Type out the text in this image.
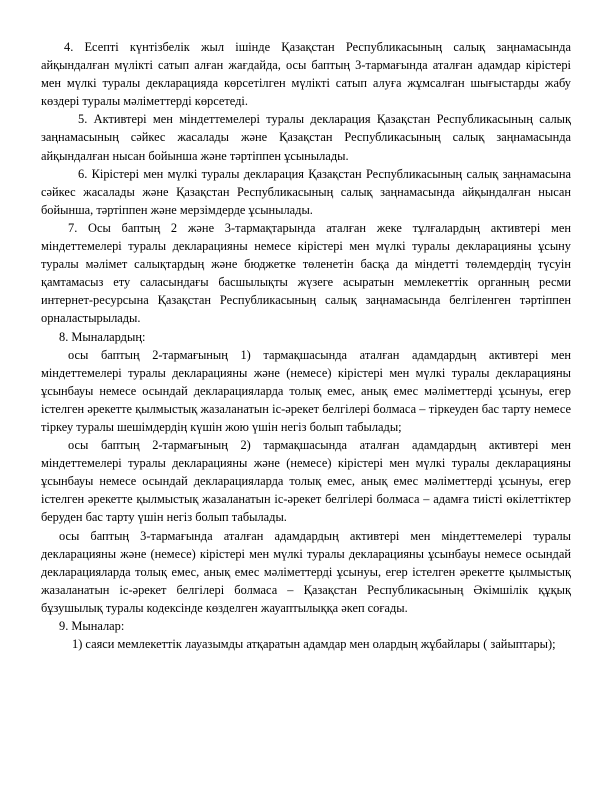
4. Есепті күнтізбелік жыл ішінде Қазақстан Республикасының салық заңнамасында айқындалған мүлікті сатып алған жағдайда, осы баптың 3-тармағында аталған адамдар кірістері мен мүлкі туралы декларацияда көрсетілген мүлікті сатып алуға жұмсалған шығыстарды жабу көздері туралы мәліметтерді көрсетеді.

5. Активтері мен міндеттемелері туралы декларация Қазақстан Республикасының салық заңнамасының сәйкес жасалады және Қазақстан Республикасының салық заңнамасында айқындалған нысан бойынша және тәртіппен ұсынылады.

6. Кірістері мен мүлкі туралы декларация Қазақстан Республикасының салық заңнамасына сәйкес жасалады және Қазақстан Республикасының салық заңнамасында айқындалған нысан бойынша, тәртіппен және мерзімдерде ұсынылады.

7. Осы баптың 2 және 3-тармақтарында аталған жеке тұлғалардың активтері мен міндеттемелері туралы декларацияны немесе кірістері мен мүлкі туралы декларацияны ұсыну туралы мәлімет салықтардың және бюджетке төленетін басқа да міндетті төлемдердің түсуін қамтамасыз ету саласындағы басшылықты жүзеге асыратын мемлекеттік органның ресми интернет-ресурсына Қазақстан Республикасының салық заңнамасында белгіленген тәртіппен орналастырылады.

8. Мыналардың:

осы баптың 2-тармағының 1) тармақшасында аталған адамдардың активтері мен міндеттемелері туралы декларацияны және (немесе) кірістері мен мүлкі туралы декларацияны ұсынбауы немесе осындай декларацияларда толық емес, анық емес мәліметтерді ұсынуы, егер істелген әрекетте қылмыстық жазаланатын іс-әрекет белгілері болмаса – тіркеуден бас тарту немесе тіркеу туралы шешімдердің күшін жою үшін негіз болып табылады;

осы баптың 2-тармағының 2) тармақшасында аталған адамдардың активтері мен міндеттемелері туралы декларацияны және (немесе) кірістері мен мүлкі туралы декларацияны ұсынбауы немесе осындай декларацияларда толық емес, анық емес мәліметтерді ұсынуы, егер істелген әрекетте қылмыстық жазаланатын іс-әрекет белгілері болмаса – адамға тиісті өкілеттіктер беруден бас тарту үшін негіз болып табылады.

осы баптың 3-тармағында аталған адамдардың активтері мен міндеттемелері туралы декларацияны және (немесе) кірістері мен мүлкі туралы декларацияны ұсынбауы немесе осындай декларацияларда толық емес, анық емес мәліметтерді ұсынуы, егер істелген әрекетте қылмыстық жазаланатын іс-әрекет белгілері болмаса – Қазақстан Республикасының Әкімшілік құқық бұзушылық туралы кодексінде көзделген жауаптылыққа әкеп соғады.

9. Мыналар:

1) саяси мемлекеттік лауазымды атқаратын адамдар мен олардың жұбайлары ( зайыптары);
